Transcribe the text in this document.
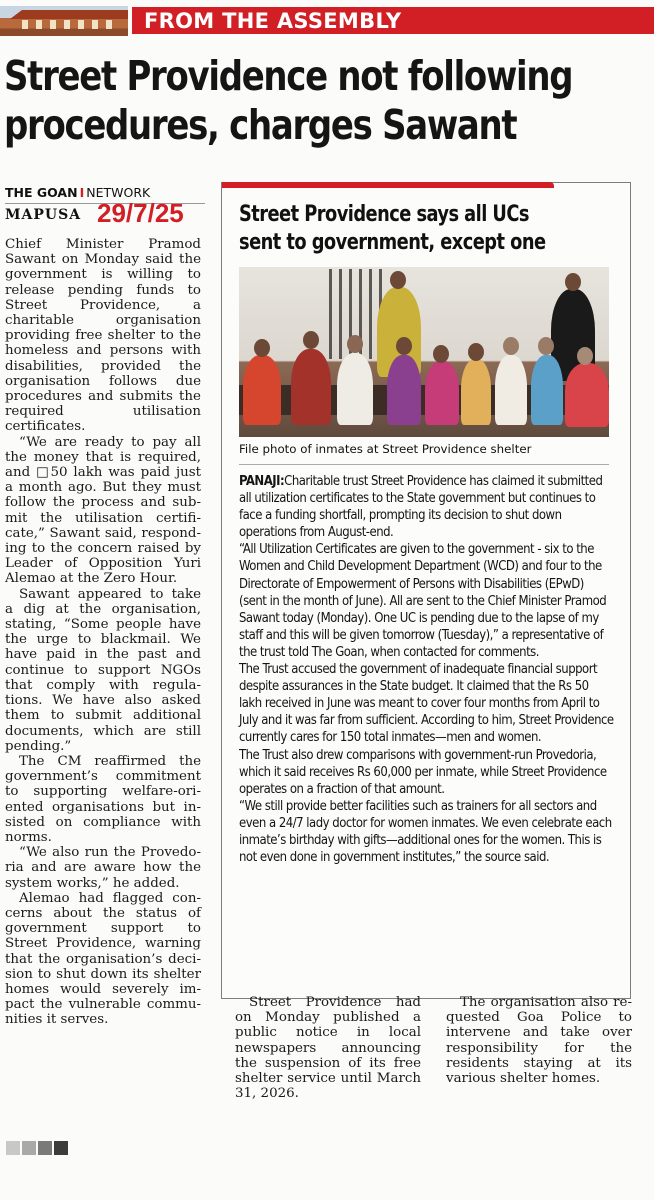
FROM THE ASSEMBLY
Street Providence not following
procedures, charges Sawant
THE GOAN I NETWORK
MAPUSA 29/7/25

Chief Minister Pramod Sawant on Monday said the government is willing to release pending funds to Street Providence, a charitable organisation providing free shelter to the homeless and persons with disabilities, provided the organisation follows due procedures and submits the required utilisation certificates.

“We are ready to pay all the money that is required, and □50 lakh was paid just a month ago. But they must follow the process and submit the utilisation certificate,” Sawant said, responding to the concern raised by Leader of Opposition Yuri Alemao at the Zero Hour.

Sawant appeared to take a dig at the organisation, stating, “Some people have the urge to blackmail. We have paid in the past and continue to support NGOs that comply with regulations. We have also asked them to submit additional documents, which are still pending.”

The CM reaffirmed the government’s commitment to supporting welfare-oriented organisations but insisted on compliance with norms.

“We also run the Provedoria and are aware how the system works,” he added.

Alemao had flagged concerns about the status of government support to Street Providence, warning that the organisation’s decision to shut down its shelter homes would severely impact the vulnerable communities it serves.

Street Providence says all UCs
sent to government, except one
File photo of inmates at Street Providence shelter

PANAJI:Charitable trust Street Providence has claimed it submitted all utilization certificates to the State government but continues to face a funding shortfall, prompting its decision to shut down operations from August-end.

“All Utilization Certificates are given to the government - six to the Women and Child Development Department (WCD) and four to the Directorate of Empowerment of Persons with Disabilities (EPwD) (sent in the month of June). All are sent to the Chief Minister Pramod Sawant today (Monday). One UC is pending due to the lapse of my staff and this will be given tomorrow (Tuesday),” a representative of the trust told The Goan, when contacted for comments.

The Trust accused the government of inadequate financial support despite assurances in the State budget. It claimed that the Rs 50 lakh received in June was meant to cover four months from April to July and it was far from sufficient. According to him, Street Providence currently cares for 150 total inmates—men and women.

The Trust also drew comparisons with government-run Provedoria, which it said receives Rs 60,000 per inmate, while Street Providence operates on a fraction of that amount.

“We still provide better facilities such as trainers for all sectors and even a 24/7 lady doctor for women inmates. We even celebrate each inmate’s birthday with gifts—additional ones for the women. This is not even done in government institutes,” the source said.

Street Providence had on Monday published a public notice in local newspapers announcing the suspension of its free shelter service until March 31, 2026.

The organisation also requested Goa Police to intervene and take over responsibility for the residents staying at its various shelter homes.
